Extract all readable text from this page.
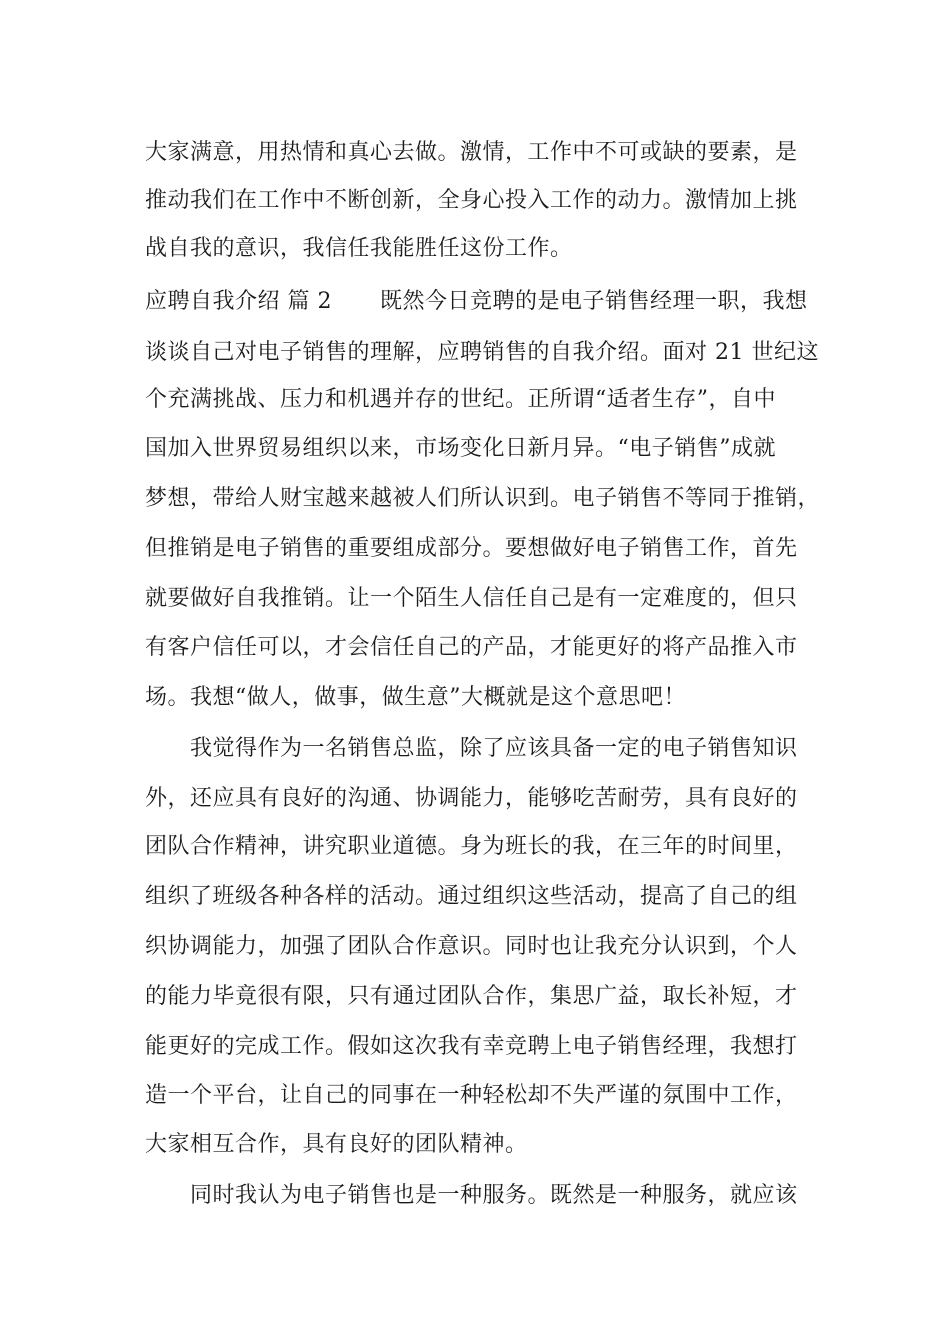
大家满意，用热情和真心去做。激情，工作中不可或缺的要素，是
推动我们在工作中不断创新，全身心投入工作的动力。激情加上挑
战自我的意识，我信任我能胜任这份工作。
应聘自我介绍 篇 2 既然今日竞聘的是电子销售经理一职，我想
谈谈自己对电子销售的理解，应聘销售的自我介绍。面对 21 世纪这
个充满挑战、压力和机遇并存的世纪。正所谓“适者生存”，自中
国加入世界贸易组织以来，市场变化日新月异。“电子销售”成就
梦想，带给人财宝越来越被人们所认识到。电子销售不等同于推销，
但推销是电子销售的重要组成部分。要想做好电子销售工作，首先
就要做好自我推销。让一个陌生人信任自己是有一定难度的，但只
有客户信任可以，才会信任自己的产品，才能更好的将产品推入市
场。我想“做人，做事，做生意”大概就是这个意思吧！
我觉得作为一名销售总监，除了应该具备一定的电子销售知识
外，还应具有良好的沟通、协调能力，能够吃苦耐劳，具有良好的
团队合作精神，讲究职业道德。身为班长的我，在三年的时间里，
组织了班级各种各样的活动。通过组织这些活动，提高了自己的组
织协调能力，加强了团队合作意识。同时也让我充分认识到，个人
的能力毕竟很有限，只有通过团队合作，集思广益，取长补短，才
能更好的完成工作。假如这次我有幸竞聘上电子销售经理，我想打
造一个平台，让自己的同事在一种轻松却不失严谨的氛围中工作，
大家相互合作，具有良好的团队精神。
同时我认为电子销售也是一种服务。既然是一种服务，就应该
